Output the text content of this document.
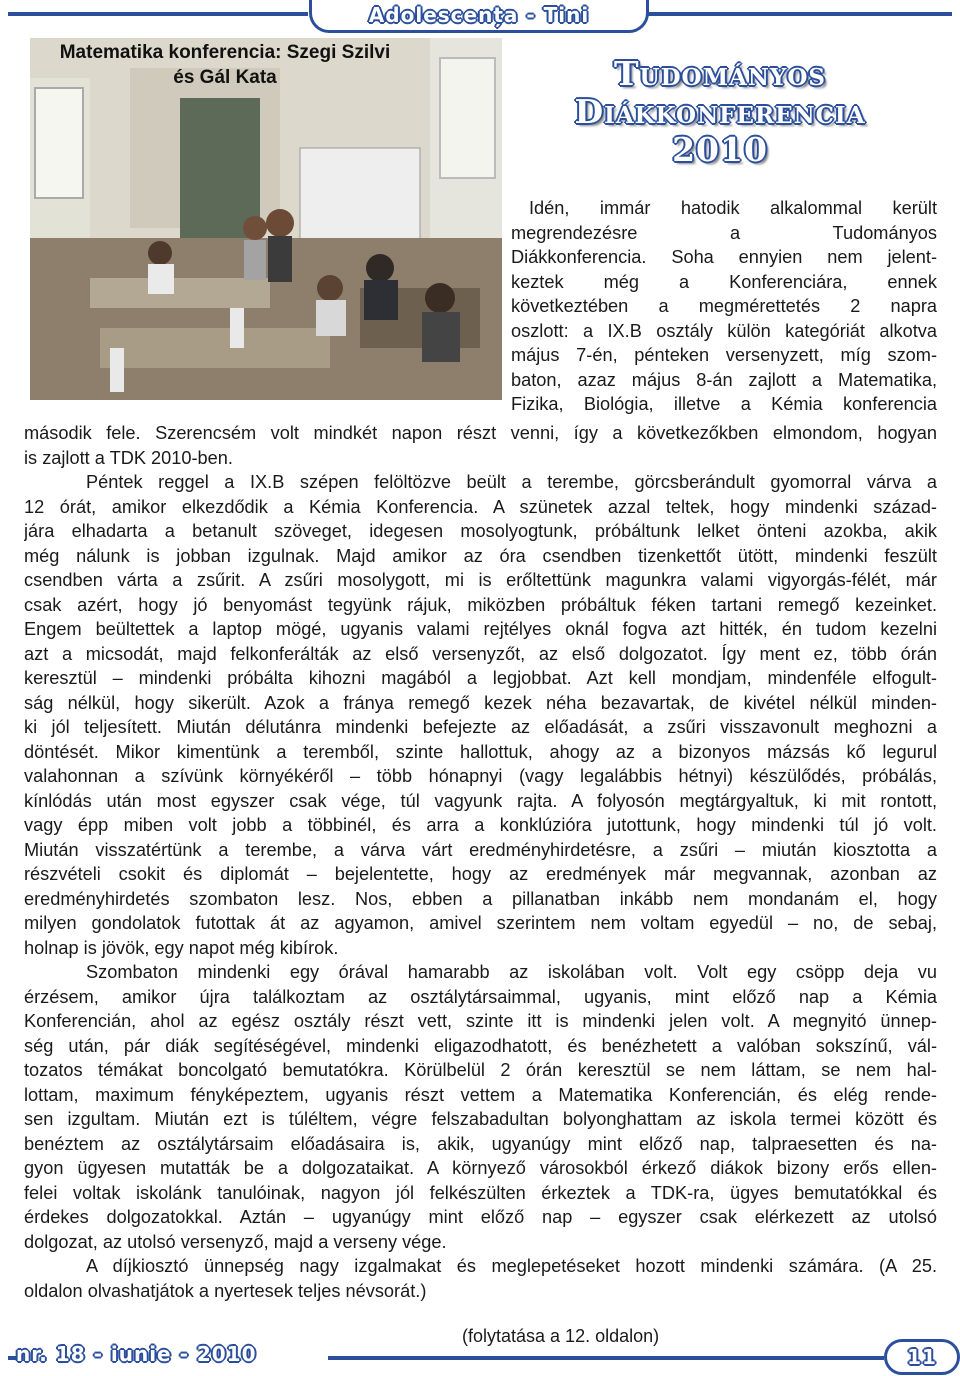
Adolescența - Tini
Matematika konferencia: Szegi Szilvi
és Gál Kata	Tudományos
Diákkonferencia
2010
Idén, immár hatodik alkalommal került
megrendezésre a Tudományos
Diákkonferencia. Soha ennyien nem jelent-
keztek még a Konferenciára, ennek
következtében a megmérettetés 2 napra
oszlott: a IX.B osztály külön kategóriát alkotva
május 7-én, pénteken versenyzett, míg szom-
baton, azaz május 8-án zajlott a Matematika,
Fizika, Biológia, illetve a Kémia konferencia
második fele. Szerencsém volt mindkét napon részt venni, így a következőkben elmondom, hogyan
is zajlott a TDK 2010-ben.
Péntek reggel a IX.B szépen felöltözve beült a terembe, görcsberándult gyomorral várva a
12 órát, amikor elkezdődik a Kémia Konferencia. A szünetek azzal teltek, hogy mindenki század-
jára elhadarta a betanult szöveget, idegesen mosolyogtunk, próbáltunk lelket önteni azokba, akik
még nálunk is jobban izgulnak. Majd amikor az óra csendben tizenkettőt ütött, mindenki feszült
csendben várta a zsűrit. A zsűri mosolygott, mi is erőltettünk magunkra valami vigyorgás-félét, már
csak azért, hogy jó benyomást tegyünk rájuk, miközben próbáltuk féken tartani remegő kezeinket.
Engem beültettek a laptop mögé, ugyanis valami rejtélyes oknál fogva azt hitték, én tudom kezelni
azt a micsodát, majd felkonferálták az első versenyzőt, az első dolgozatot. Így ment ez, több órán
keresztül – mindenki próbálta kihozni magából a legjobbat. Azt kell mondjam, mindenféle elfogult-
ság nélkül, hogy sikerült. Azok a fránya remegő kezek néha bezavartak, de kivétel nélkül minden-
ki jól teljesített. Miután délutánra mindenki befejezte az előadását, a zsűri visszavonult meghozni a
döntését. Mikor kimentünk a teremből, szinte hallottuk, ahogy az a bizonyos mázsás kő legurul
valahonnan a szívünk környékéről – több hónapnyi (vagy legalábbis hétnyi) készülődés, próbálás,
kínlódás után most egyszer csak vége, túl vagyunk rajta. A folyosón megtárgyaltuk, ki mit rontott,
vagy épp miben volt jobb a többinél, és arra a konklúzióra jutottunk, hogy mindenki túl jó volt.
Miután visszatértünk a terembe, a várva várt eredményhirdetésre, a zsűri – miután kiosztotta a
részvételi csokit és diplomát – bejelentette, hogy az eredmények már megvannak, azonban az
eredményhirdetés szombaton lesz. Nos, ebben a pillanatban inkább nem mondanám el, hogy
milyen gondolatok futottak át az agyamon, amivel szerintem nem voltam egyedül – no, de sebaj,
holnap is jövök, egy napot még kibírok.
Szombaton mindenki egy órával hamarabb az iskolában volt. Volt egy csöpp deja vu
érzésem, amikor újra találkoztam az osztálytársaimmal, ugyanis, mint előző nap a Kémia
Konferencián, ahol az egész osztály részt vett, szinte itt is mindenki jelen volt. A megnyitó ünnep-
ség után, pár diák segítéségével, mindenki eligazodhatott, és benézhetett a valóban sokszínű, vál-
tozatos témákat boncolgató bemutatókra. Körülbelül 2 órán keresztül se nem láttam, se nem hal-
lottam, maximum fényképeztem, ugyanis részt vettem a Matematika Konferencián, és elég rende-
sen izgultam. Miután ezt is túléltem, végre felszabadultan bolyonghattam az iskola termei között és
benéztem az osztálytársaim előadásaira is, akik, ugyanúgy mint előző nap, talpraesetten és na-
gyon ügyesen mutatták be a dolgozataikat. A környező városokból érkező diákok bizony erős ellen-
felei voltak iskolánk tanulóinak, nagyon jól felkészülten érkeztek a TDK-ra, ügyes bemutatókkal és
érdekes dolgozatokkal. Aztán – ugyanúgy mint előző nap – egyszer csak elérkezett az utolsó
dolgozat, az utolsó versenyző, majd a verseny vége.
A díjkiosztó ünnepség nagy izgalmakat és meglepetéseket hozott mindenki számára. (A 25.
oldalon olvashatjátok a nyertesek teljes névsorát.)
(folytatása a 12. oldalon)
nr. 18 - iunie - 2010	11
